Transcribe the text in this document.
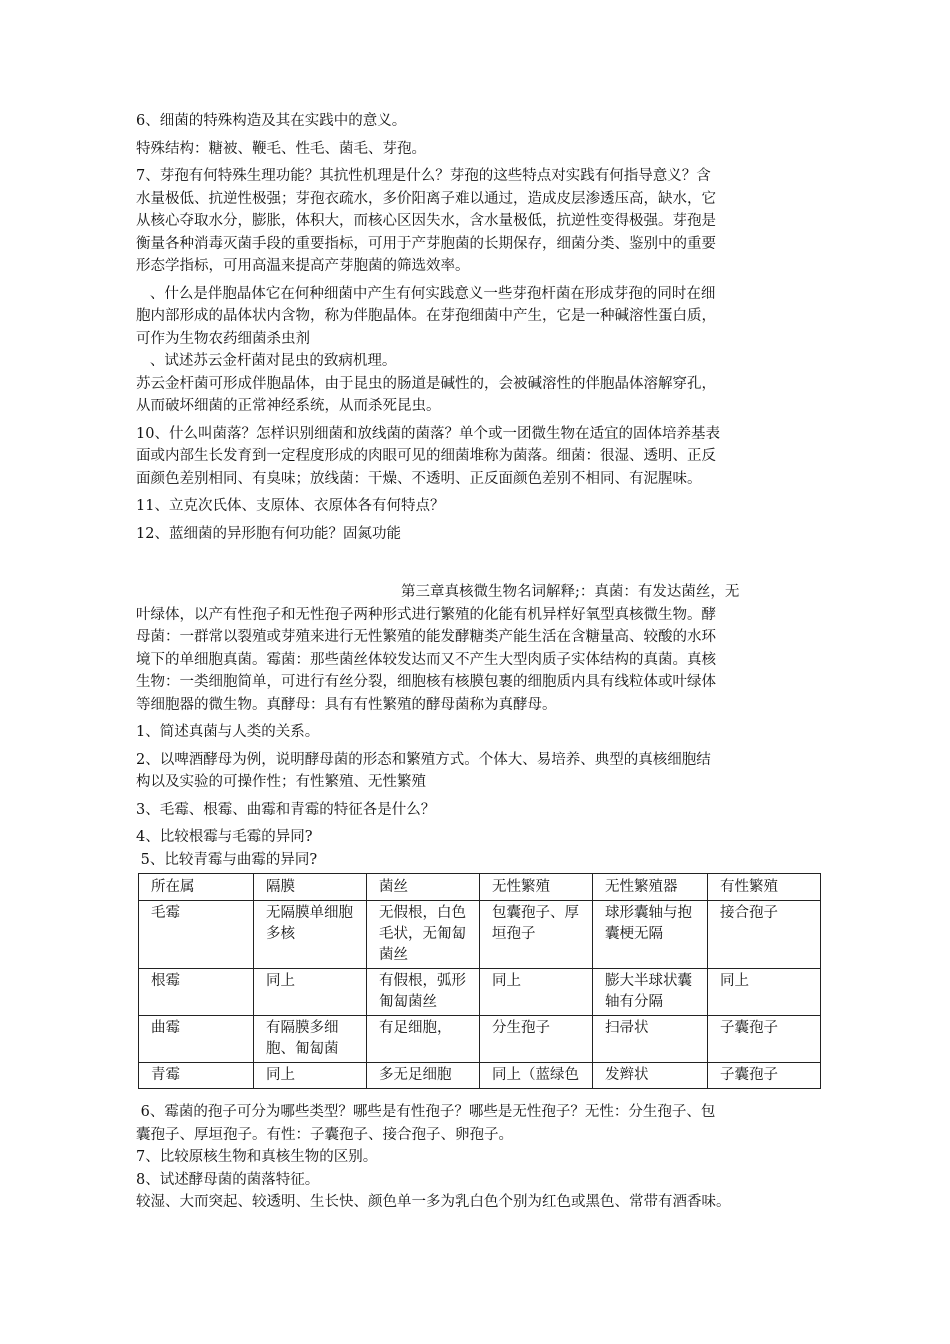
6、细菌的特殊构造及其在实践中的意义。

特殊结构：糖被、鞭毛、性毛、菌毛、芽孢。

7、芽孢有何特殊生理功能？其抗性机理是什么？芽孢的这些特点对实践有何指导意义？含

水量极低、抗逆性极强；芽孢衣疏水，多价阳离子难以通过，造成皮层渗透压高，缺水，它

从核心夺取水分，膨胀，体积大，而核心区因失水，含水量极低，抗逆性变得极强。芽孢是

衡量各种消毒灭菌手段的重要指标，可用于产芽胞菌的长期保存，细菌分类、鉴别中的重要

形态学指标，可用高温来提高产芽胞菌的筛选效率。

、什么是伴胞晶体它在何种细菌中产生有何实践意义一些芽孢杆菌在形成芽孢的同时在细

胞内部形成的晶体状内含物，称为伴胞晶体。在芽孢细菌中产生，它是一种碱溶性蛋白质，

可作为生物农药细菌杀虫剂

、试述苏云金杆菌对昆虫的致病机理。

苏云金杆菌可形成伴胞晶体，由于昆虫的肠道是碱性的，会被碱溶性的伴胞晶体溶解穿孔，

从而破坏细菌的正常神经系统，从而杀死昆虫。

10、什么叫菌落？怎样识别细菌和放线菌的菌落？单个或一团微生物在适宜的固体培养基表

面或内部生长发育到一定程度形成的肉眼可见的细菌堆称为菌落。细菌：很湿、透明、正反

面颜色差别相同、有臭味；放线菌：干燥、不透明、正反面颜色差别不相同、有泥腥味。

11、立克次氏体、支原体、衣原体各有何特点？

12、蓝细菌的异形胞有何功能？固氮功能

第三章真核微生物名词解释;：真菌：有发达菌丝，无

叶绿体，以产有性孢子和无性孢子两种形式进行繁殖的化能有机异样好氧型真核微生物。酵

母菌：一群常以裂殖或芽殖来进行无性繁殖的能发酵糖类产能生活在含糖量高、较酸的水环

境下的单细胞真菌。霉菌：那些菌丝体较发达而又不产生大型肉质子实体结构的真菌。真核

生物：一类细胞简单，可进行有丝分裂，细胞核有核膜包裹的细胞质内具有线粒体或叶绿体

等细胞器的微生物。真酵母：具有有性繁殖的酵母菌称为真酵母。

1、简述真菌与人类的关系。

2、以啤酒酵母为例，说明酵母菌的形态和繁殖方式。个体大、易培养、典型的真核细胞结

构以及实验的可操作性；有性繁殖、无性繁殖

3、毛霉、根霉、曲霉和青霉的特征各是什么？

4、比较根霉与毛霉的异同?

5、比较青霉与曲霉的异同?

所在属	隔膜	菌丝	无性繁殖	无性繁殖器	有性繁殖
毛霉	无隔膜单细胞多核	无假根，白色毛状，无匍匐菌丝	包囊孢子、厚垣孢子	球形囊轴与抱囊梗无隔	接合孢子
根霉	同上	有假根，弧形匍匐菌丝	同上	膨大半球状囊轴有分隔	同上
曲霉	有隔膜多细胞、匍匐菌	有足细胞，	分生孢子	扫帚状	子囊孢子
青霉	同上	多无足细胞	同上（蓝绿色	发辫状	子囊孢子

6、霉菌的孢子可分为哪些类型？哪些是有性孢子？哪些是无性孢子？无性：分生孢子、包

囊孢子、厚垣孢子。有性：子囊孢子、接合孢子、卵孢子。

7、比较原核生物和真核生物的区别。

8、试述酵母菌的菌落特征。

较湿、大而突起、较透明、生长快、颜色单一多为乳白色个别为红色或黑色、常带有酒香味。
